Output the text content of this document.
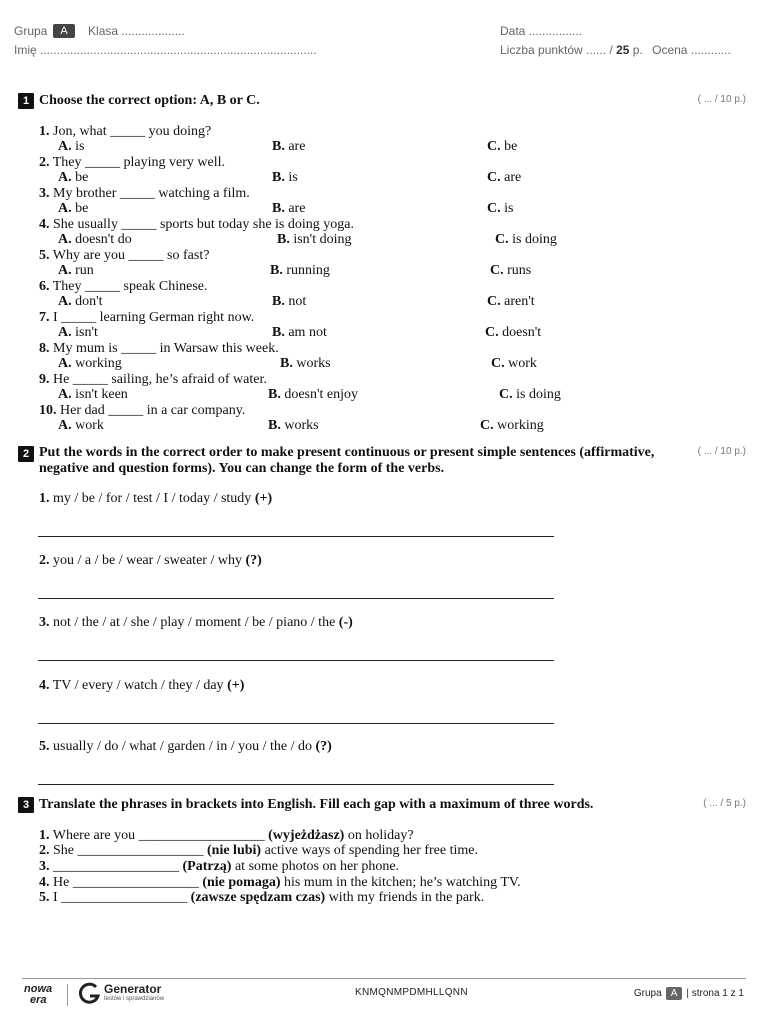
Grupa A Klasa ...................
Imię ...................................................................................
Data ................
Liczba punktów ...... / 25 p. Ocena ............
1 Choose the correct option: A, B or C.	( ... / 10 p.)
1. Jon, what _____ you doing?
A. is	B. are	C. be
2. They _____ playing very well.
A. be	B. is	C. are
3. My brother _____ watching a film.
A. be	B. are	C. is
4. She usually _____ sports but today she is doing yoga.
A. doesn't do	B. isn't doing	C. is doing
5. Why are you _____ so fast?
A. run	B. running	C. runs
6. They _____ speak Chinese.
A. don't	B. not	C. aren't
7. I _____ learning German right now.
A. isn't	B. am not	C. doesn't
8. My mum is _____ in Warsaw this week.
A. working	B. works	C. work
9. He _____ sailing, he’s afraid of water.
A. isn't keen	B. doesn't enjoy	C. is doing
10. Her dad _____ in a car company.
A. work	B. works	C. working
2 Put the words in the correct order to make present continuous or present simple sentences (affirmative,
negative and question forms). You can change the form of the verbs.
( ... / 10 p.)
1. my / be / for / test / I / today / study (+)
2. you / a / be / wear / sweater / why (?)
3. not / the / at / she / play / moment / be / piano / the (-)
4. TV / every / watch / they / day (+)
5. usually / do / what / garden / in / you / the / do (?)
3 Translate the phrases in brackets into English. Fill each gap with a maximum of three words.	( ... / 5 p.)
1. Where are you __________________ (wyjeżdżasz) on holiday?
2. She __________________ (nie lubi) active ways of spending her free time.
3. __________________ (Patrzą) at some photos on her phone.
4. He __________________ (nie pomaga) his mum in the kitchen; he’s watching TV.
5. I __________________ (zawsze spędzam czas) with my friends in the park.
nowa
era
Generator
testów i sprawdzianów
KNMQNMPDMHLLQNN	Grupa A | strona 1 z 1
